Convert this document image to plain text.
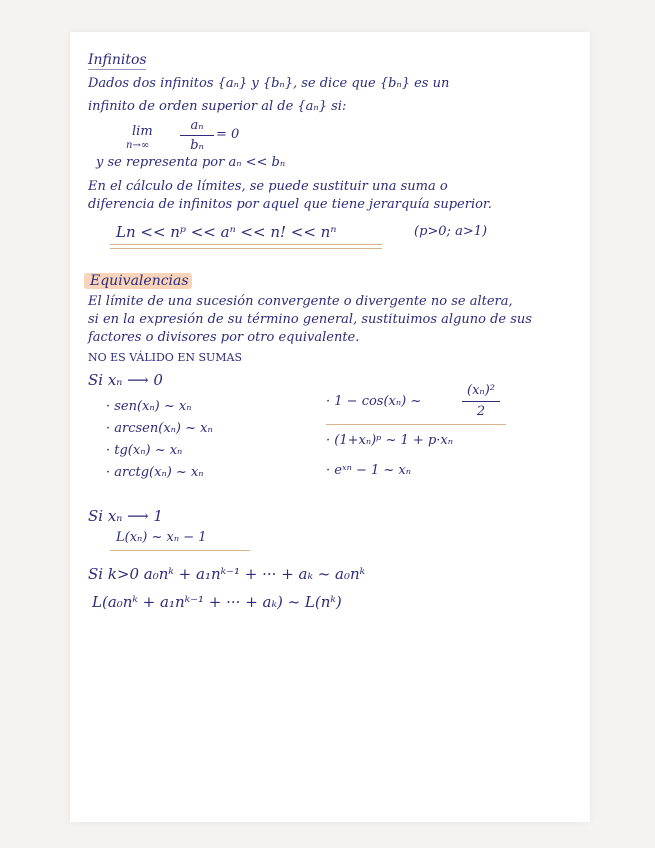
Infinitos
Dados dos infinitos {aₙ} y {bₙ}, se dice que {bₙ} es un
infinito de orden superior al de {aₙ} si:
lim
n→∞
aₙ
bₙ
= 0
y se representa por aₙ << bₙ
En el cálculo de límites, se puede sustituir una suma o
diferencia de infinitos por aquel que tiene jerarquía superior.
Ln << nᵖ << aⁿ << n! << nⁿ	(p>0; a>1)
Equivalencias
El límite de una sucesión convergente o divergente no se altera,
si en la expresión de su término general, sustituimos alguno de sus
factores o divisores por otro equivalente.
NO ES VÁLIDO EN SUMAS
Si xₙ ⟶ 0
· sen(xₙ) ~ xₙ
· arcsen(xₙ) ~ xₙ
· tg(xₙ) ~ xₙ
· arctg(xₙ) ~ xₙ
· 1 − cos(xₙ) ~
(xₙ)²
2
· (1+xₙ)ᵖ ~ 1 + p·xₙ
· eˣⁿ − 1 ~ xₙ
Si xₙ ⟶ 1
L(xₙ) ~ xₙ − 1
Si k>0 a₀nᵏ + a₁nᵏ⁻¹ + ··· + aₖ ~ a₀nᵏ
L(a₀nᵏ + a₁nᵏ⁻¹ + ··· + aₖ) ~ L(nᵏ)
